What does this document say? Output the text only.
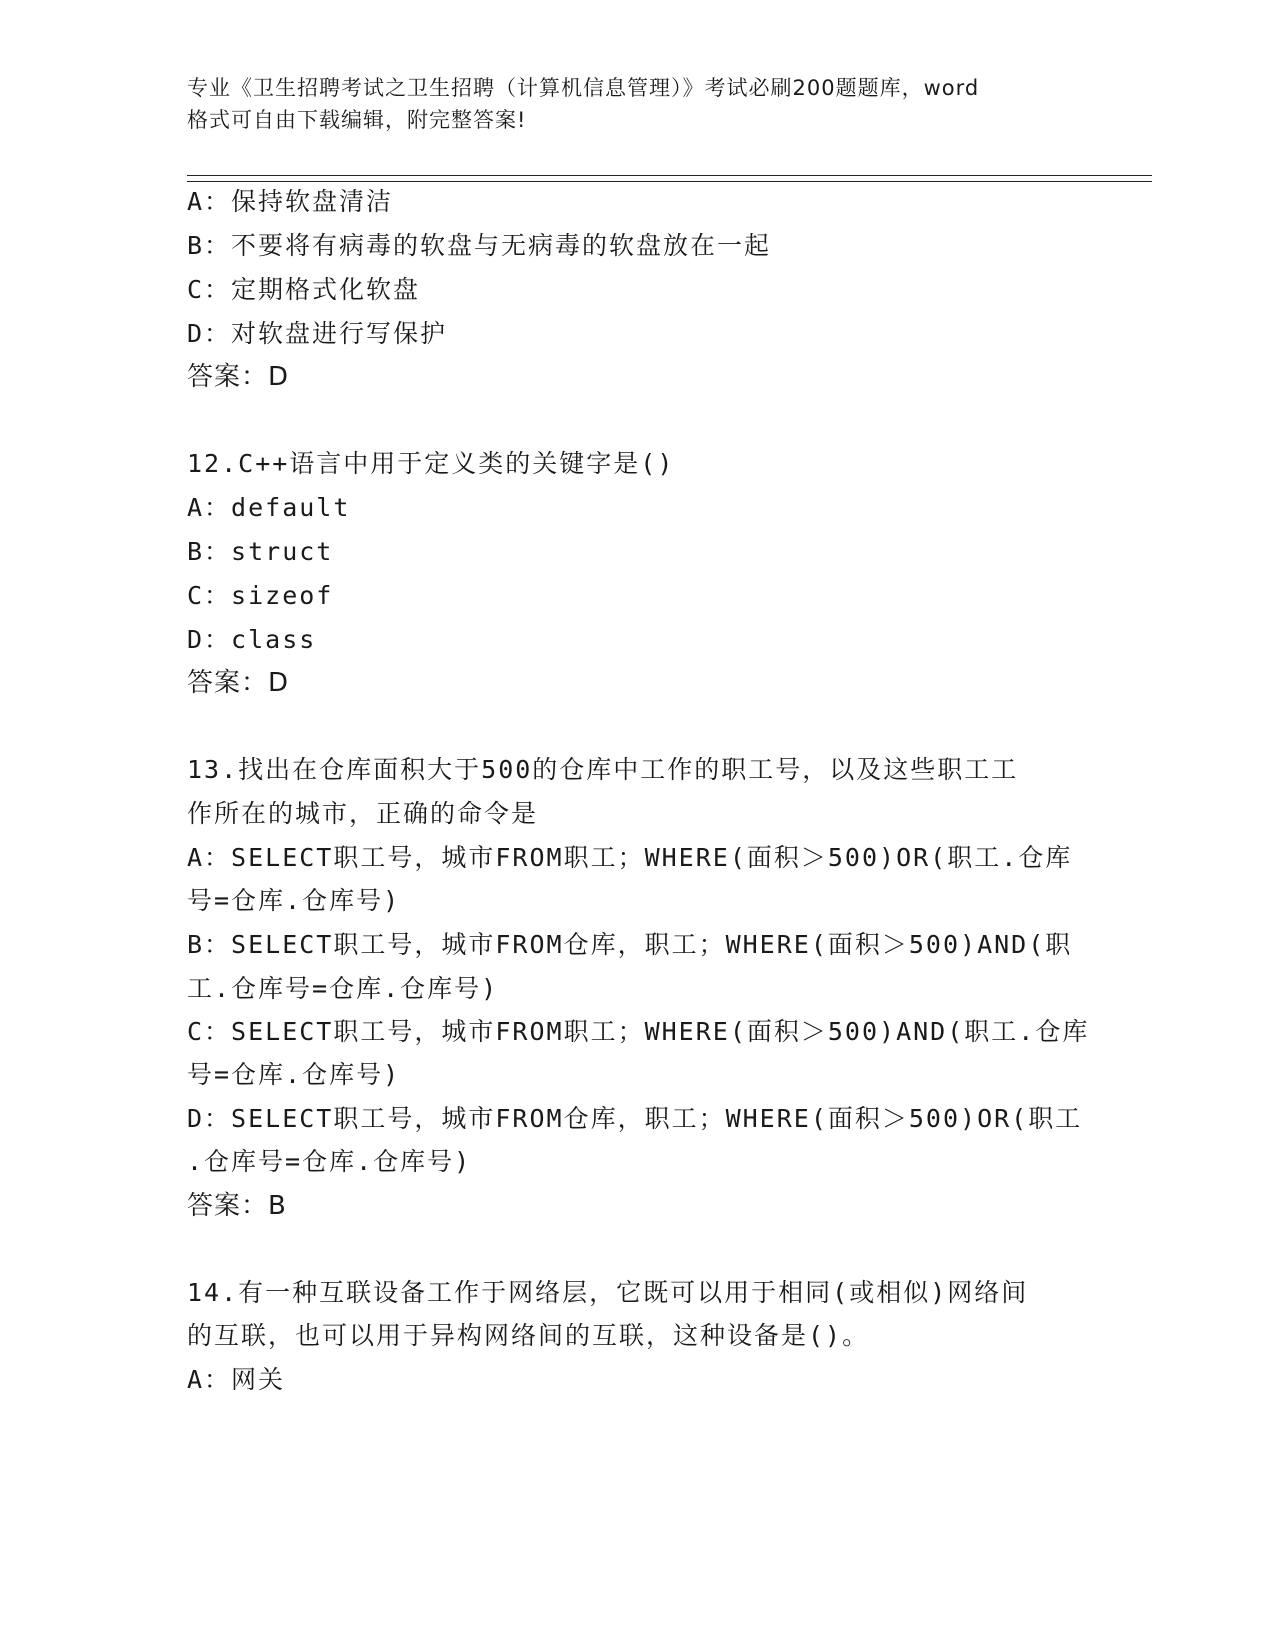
专业《卫生招聘考试之卫生招聘（计算机信息管理）》考试必刷200题题库，word
格式可自由下载编辑，附完整答案!
A：保持软盘清洁
B：不要将有病毒的软盘与无病毒的软盘放在一起
C：定期格式化软盘
D：对软盘进行写保护
答案：D
12.C++语言中用于定义类的关键字是()
A：default
B：struct
C：sizeof
D：class
答案：D
13.找出在仓库面积大于500的仓库中工作的职工号，以及这些职工工
作所在的城市，正确的命令是
A：SELECT职工号，城市FROM职工；WHERE(面积＞500)OR(职工.仓库
号=仓库.仓库号)
B：SELECT职工号，城市FROM仓库，职工；WHERE(面积＞500)AND(职
工.仓库号=仓库.仓库号)
C：SELECT职工号，城市FROM职工；WHERE(面积＞500)AND(职工.仓库
号=仓库.仓库号)
D：SELECT职工号，城市FROM仓库，职工；WHERE(面积＞500)OR(职工
.仓库号=仓库.仓库号)
答案：B
14.有一种互联设备工作于网络层，它既可以用于相同(或相似)网络间
的互联，也可以用于异构网络间的互联，这种设备是()。
A：网关
